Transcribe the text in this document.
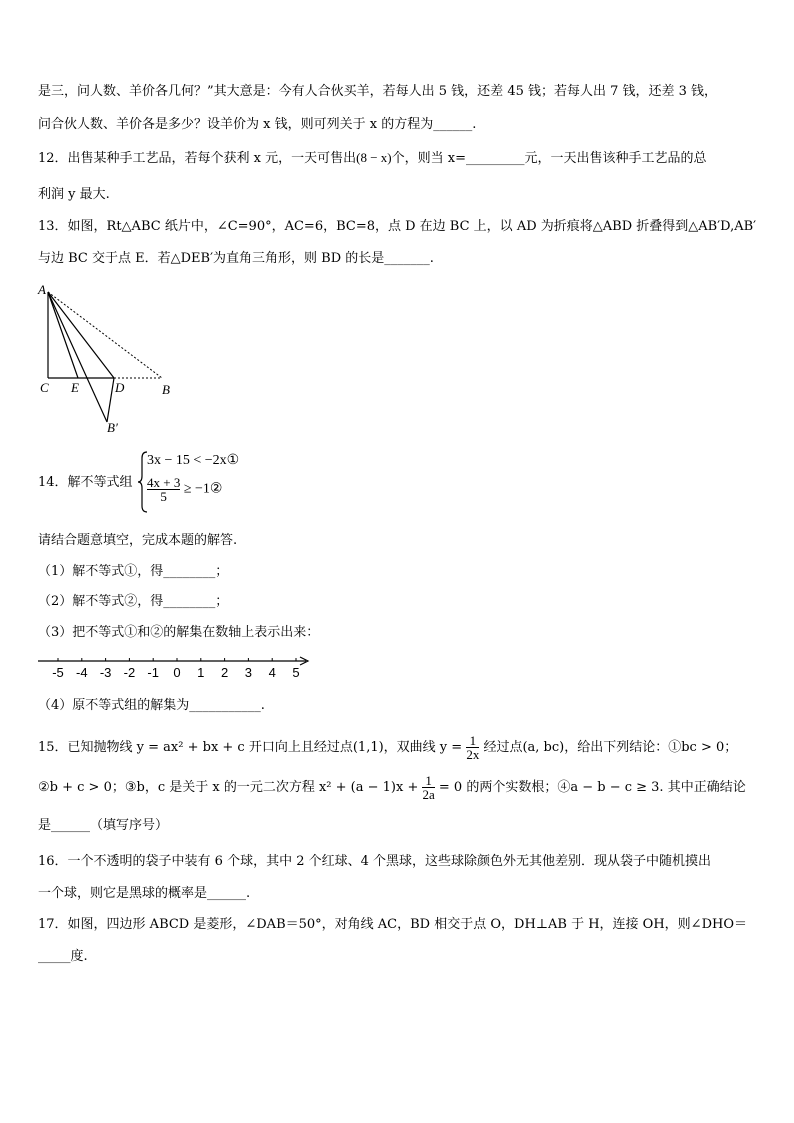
是三，问人数、羊价各几何？”其大意是：今有人合伙买羊，若每人出 5 钱，还差 45 钱；若每人出 7 钱，还差 3 钱，
问合伙人数、羊价各是多少？设羊价为 x 钱，则可列关于 x 的方程为______.
12．出售某种手工艺品，若每个获利 x 元，一天可售出(8 − x)个，则当 x=_________元，一天出售该种手工艺品的总
利润 y 最大.
13．如图，Rt△ABC 纸片中，∠C=90°，AC=6，BC=8，点 D 在边 BC 上，以 AD 为折痕将△ABD 折叠得到△AB′D,AB′
与边 BC 交于点 E．若△DEB′为直角三角形，则 BD 的长是_______.
A
C E	D	B
B′
14．解不等式组
3x − 15 < −2x①
$\frac{4x + 3}{5}$ ≥ −1②
请结合题意填空，完成本题的解答.
（1）解不等式①，得________；
（2）解不等式②，得________；
（3）把不等式①和②的解集在数轴上表示出来：
-5 -4 -3 -2 -1 0 1 2 3 4 5
（4）原不等式组的解集为___________.
15．已知抛物线 y = ax² + bx + c 开口向上且经过点(1,1)，双曲线 $y = \frac{1}{2x}$ 经过点(a, bc)，给出下列结论：①bc > 0；
②b + c > 0；③b，c 是关于 x 的一元二次方程 $x^2 + (a - 1)x + \frac{1}{2a} = 0$ 的两个实数根；④a − b − c ≥ 3. 其中正确结论
是______（填写序号）
16．一个不透明的袋子中装有 6 个球，其中 2 个红球、4 个黑球，这些球除颜色外无其他差别．现从袋子中随机摸出
一个球，则它是黑球的概率是______.
17．如图，四边形 ABCD 是菱形，∠DAB＝50°，对角线 AC，BD 相交于点 O，DH⊥AB 于 H，连接 OH，则∠DHO＝
_____度.
